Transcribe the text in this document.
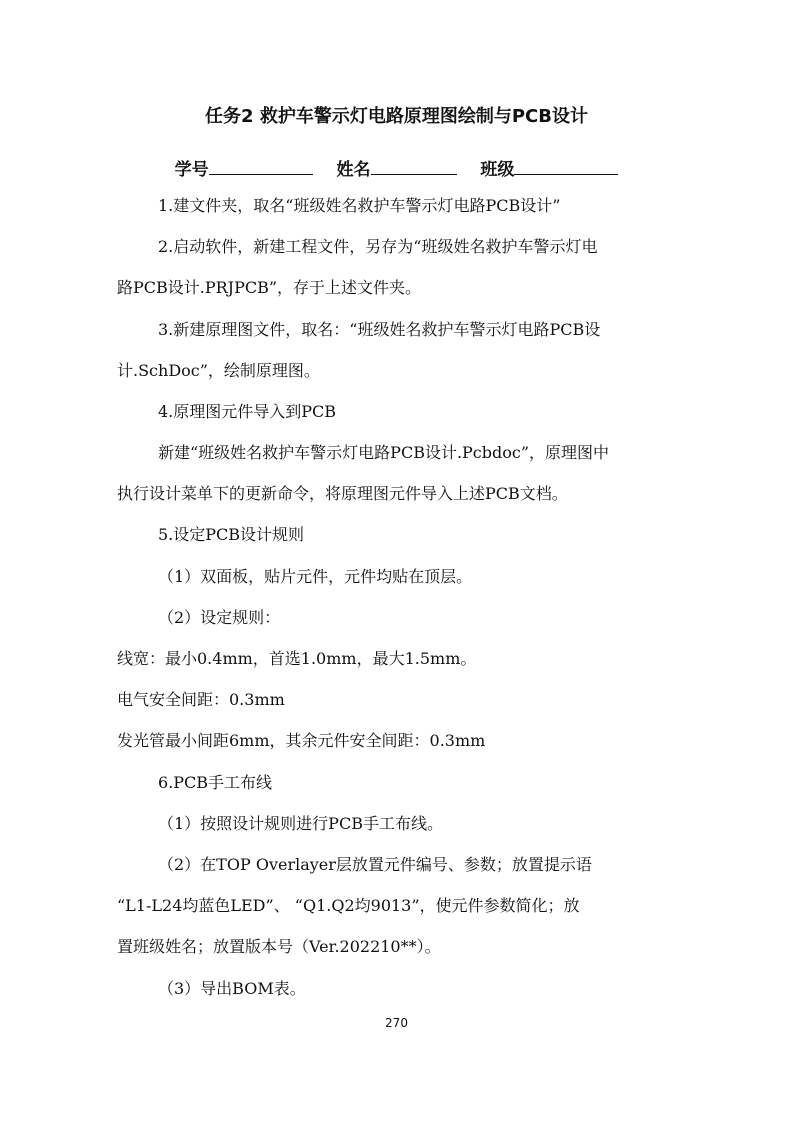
任务2 救护车警示灯电路原理图绘制与PCB设计
学号	姓名	班级
1.建文件夹，取名“班级姓名救护车警示灯电路PCB设计”
2.启动软件，新建工程文件，另存为“班级姓名救护车警示灯电
路PCB设计.PRJPCB”，存于上述文件夹。
3.新建原理图文件，取名：“班级姓名救护车警示灯电路PCB设
计.SchDoc”，绘制原理图。
4.原理图元件导入到PCB
新建“班级姓名救护车警示灯电路PCB设计.Pcbdoc”，原理图中
执行设计菜单下的更新命令，将原理图元件导入上述PCB文档。
5.设定PCB设计规则
（1）双面板，贴片元件，元件均贴在顶层。
（2）设定规则：
线宽：最小0.4mm，首选1.0mm，最大1.5mm。
电气安全间距：0.3mm
发光管最小间距6mm，其余元件安全间距：0.3mm
6.PCB手工布线
（1）按照设计规则进行PCB手工布线。
（2）在TOP Overlayer层放置元件编号、参数；放置提示语
“L1-L24均蓝色LED”、 “Q1.Q2均9013”，使元件参数简化；放
置班级姓名；放置版本号（Ver.202210**）。
（3）导出BOM表。
270
